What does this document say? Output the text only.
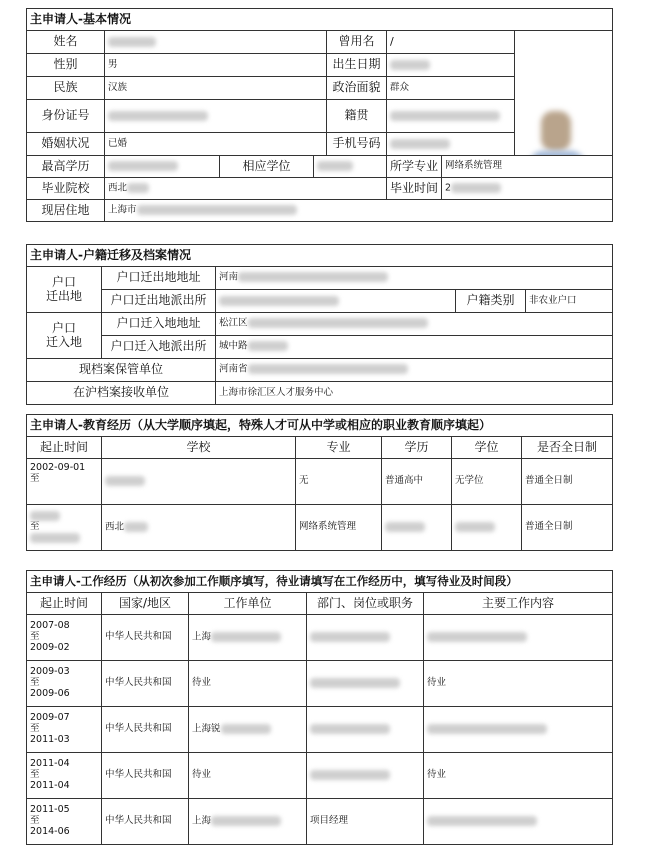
主申请人-基本情况							
姓名				曾用名	/		

性别	男			出生日期			
民族	汉族			政治面貌	群众		
身份证号				籍贯			
婚姻状况	已婚			手机号码			
最高学历		相应学位			所学专业	网络系统管理	
毕业院校	西北				毕业时间	2	
现居住地	上海市						
主申请人-户籍迁移及档案情况				
户口
迁出地	户口迁出地地址	河南		
	户口迁出地派出所		户籍类别	非农业户口
户口
迁入地	户口迁入地地址	松江区		
	户口迁入地派出所	城中路		
现档案保管单位		河南省		
在沪档案接收单位		上海市徐汇区人才服务中心		
主申请人-教育经历（从大学顺序填起，特殊人才可从中学或相应的职业教育顺序填起）					
起止时间	学校	专业	学历	学位	是否全日制
2002-09-01
至		无	普通高中	无学位	普通全日制

至	西北	网络系统管理			普通全日制
主申请人-工作经历（从初次参加工作顺序填写，待业请填写在工作经历中，填写待业及时间段）				
起止时间	国家/地区	工作单位	部门、岗位或职务	主要工作内容
2007-08
至
2009-02	中华人民共和国	上海		
2009-03
至
2009-06	中华人民共和国	待业		待业
2009-07
至
2011-03	中华人民共和国	上海锐		
2011-04
至
2011-04	中华人民共和国	待业		待业
2011-05
至
2014-06	中华人民共和国	上海	项目经理	
